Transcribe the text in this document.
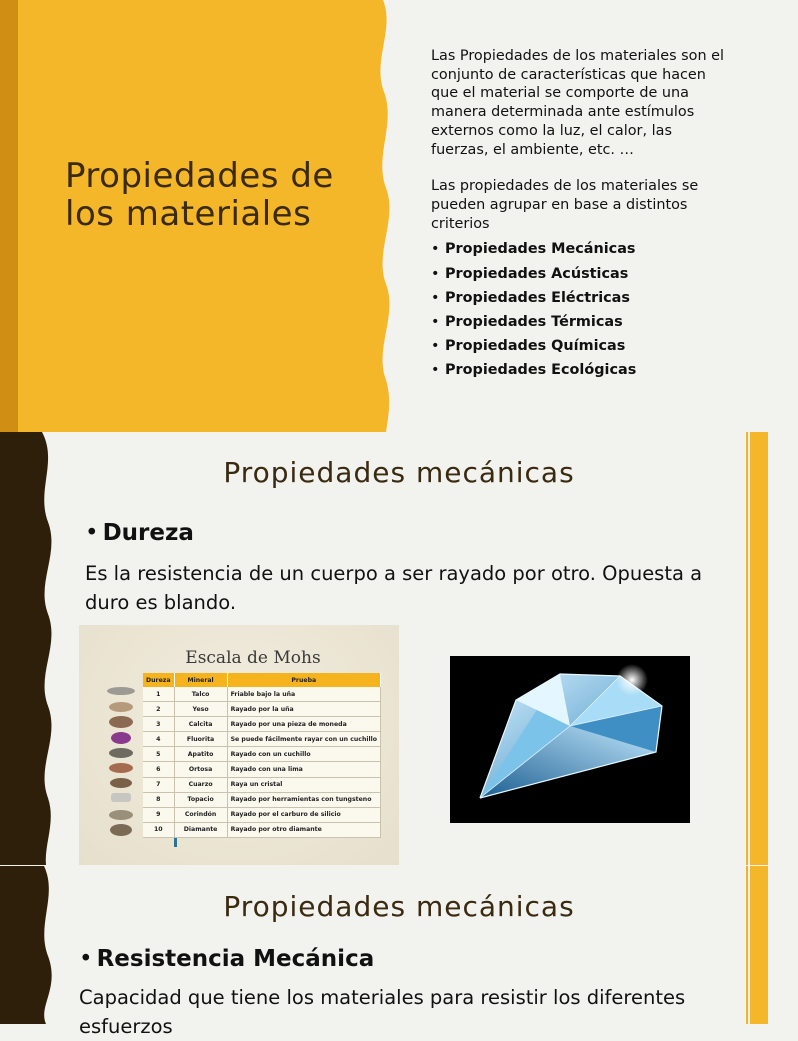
Propiedades de los materiales

Las Propiedades de los materiales son el conjunto de características que hacen que el material se comporte de una manera determinada ante estímulos externos como la luz, el calor, las fuerzas, el ambiente, etc. …

Las propiedades de los materiales se pueden agrupar en base a distintos criterios

• Propiedades Mecánicas
• Propiedades Acústicas
• Propiedades Eléctricas
• Propiedades Térmicas
• Propiedades Químicas
• Propiedades Ecológicas
Propiedades mecánicas
• Dureza
Es la resistencia de un cuerpo a ser rayado por otro. Opuesta a duro es blando.
Escala de Mohs
Dureza	Mineral	Prueba
1	Talco	Friable bajo la uña
2	Yeso	Rayado por la uña
3	Calcita	Rayado por una pieza de moneda
4	Fluorita	Se puede fácilmente rayar con un cuchillo
5	Apatito	Rayado con un cuchillo
6	Ortosa	Rayado con una lima
7	Cuarzo	Raya un cristal
8	Topacio	Rayado por herramientas con tungsteno
9	Corindón	Rayado por el carburo de silicio
10	Diamante	Rayado por otro diamante
Propiedades mecánicas
• Resistencia Mecánica
Capacidad que tiene los materiales para resistir los diferentes esfuerzos
